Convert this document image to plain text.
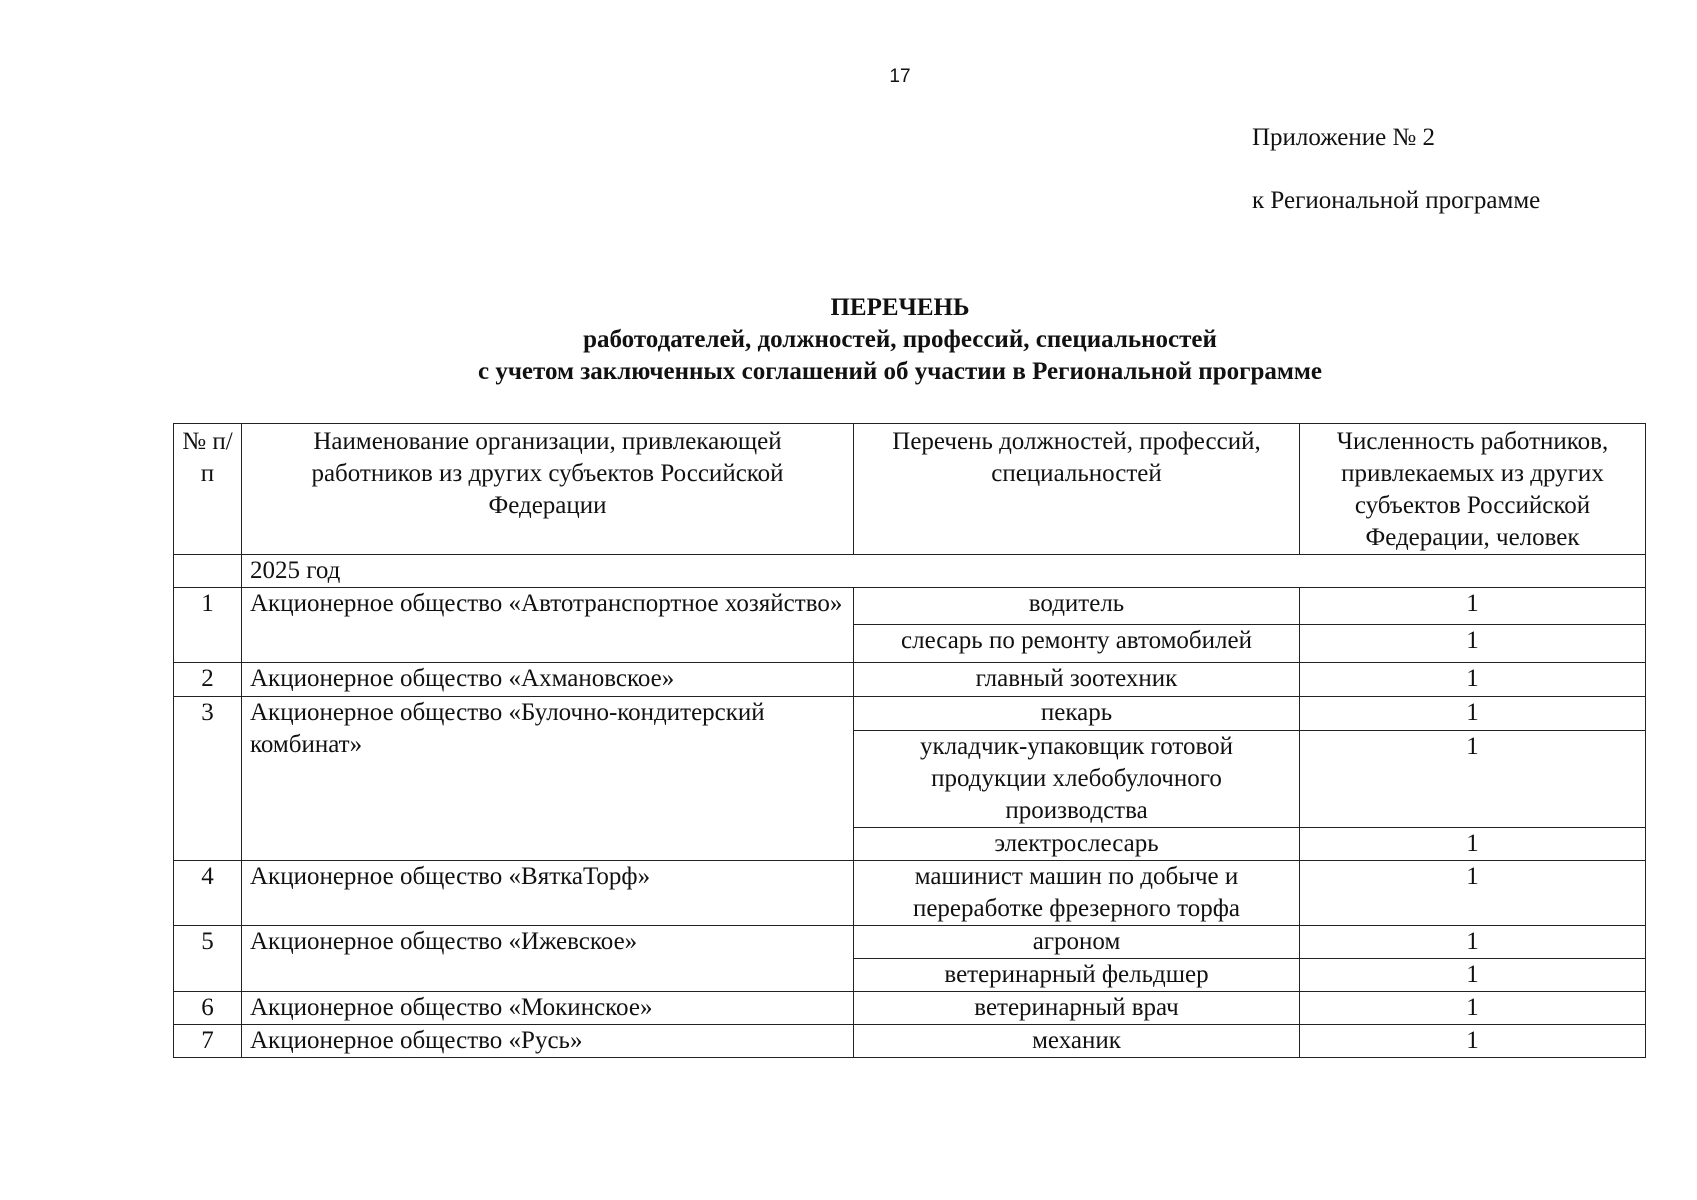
17
Приложение № 2
к Региональной программе
ПЕРЕЧЕНЬ
работодателей, должностей, профессий, специальностей
с учетом заключенных соглашений об участии в Региональной программе
№ п/п	Наименование организации, привлекающей работников из других субъектов Российской Федерации	Перечень должностей, профессий, специальностей	Численность работников, привлекаемых из других субъектов Российской Федерации, человек
	2025 год		
1	Акционерное общество «Автотранспортное хозяйство»	водитель	1
		слесарь по ремонту автомобилей	1
2	Акционерное общество «Ахмановское»	главный зоотехник	1
3	Акционерное общество «Булочно-кондитерский комбинат»	пекарь	1
		укладчик-упаковщик готовой продукции хлебобулочного производства	1
		электрослесарь	1
4	Акционерное общество «ВяткаТорф»	машинист машин по добыче и переработке фрезерного торфа	1
5	Акционерное общество «Ижевское»	агроном	1
		ветеринарный фельдшер	1
6	Акционерное общество «Мокинское»	ветеринарный врач	1
7	Акционерное общество «Русь»	механик	1
